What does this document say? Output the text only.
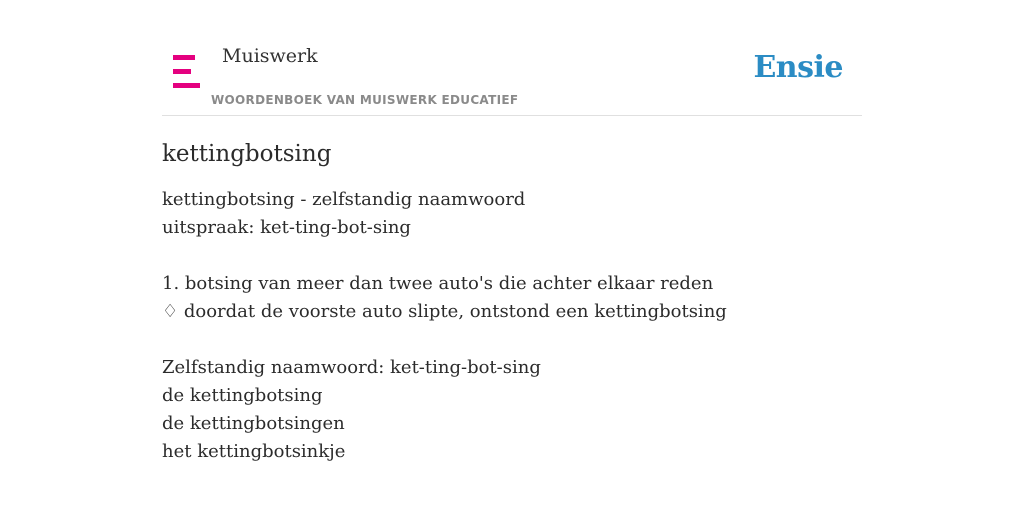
Muiswerk
WOORDENBOEK VAN MUISWERK EDUCATIEF
Ensie
kettingbotsing
kettingbotsing - zelfstandig naamwoord
uitspraak: ket-ting-bot-sing
1. botsing van meer dan twee auto's die achter elkaar reden
♢ doordat de voorste auto slipte, ontstond een kettingbotsing
Zelfstandig naamwoord: ket-ting-bot-sing
de kettingbotsing
de kettingbotsingen
het kettingbotsinkje
